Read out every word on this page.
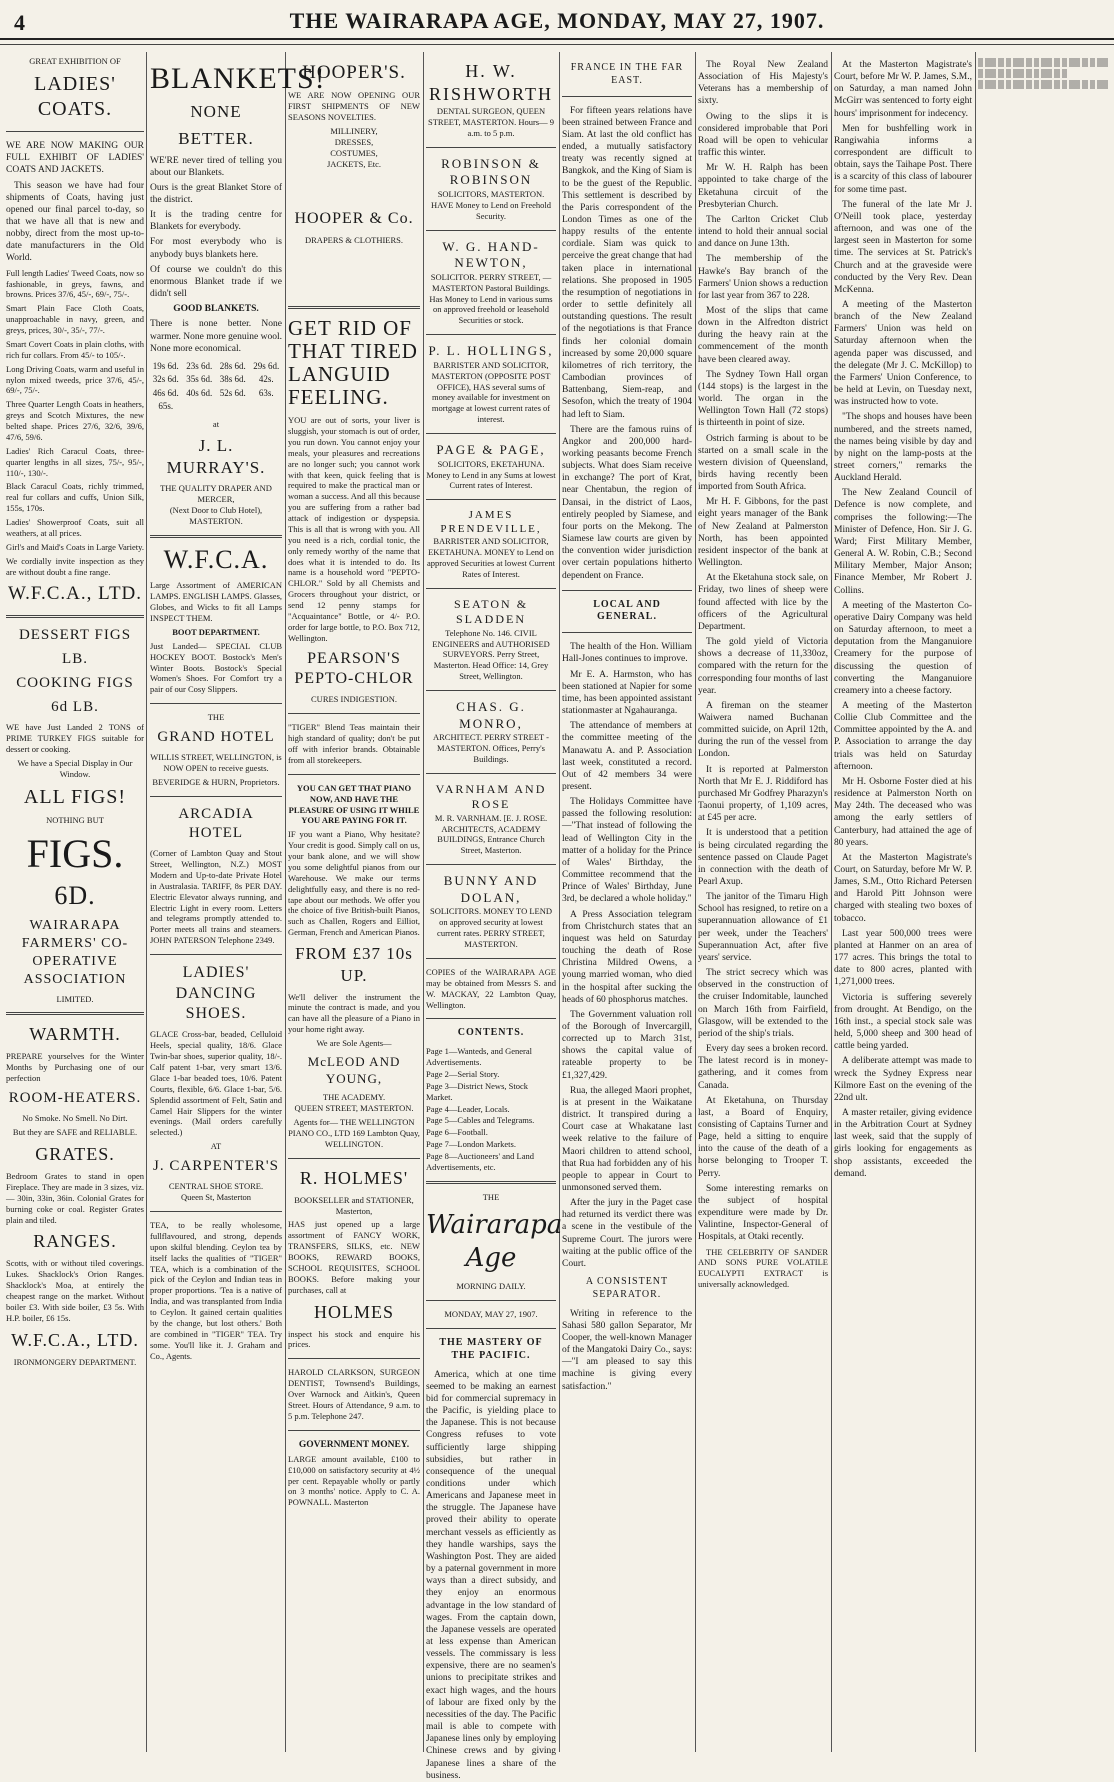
4	THE WAIRARAPA AGE, MONDAY, MAY 27, 1907.
GREAT EXHIBITION OF
LADIES' COATS.

WE ARE NOW MAKING OUR FULL EXHIBIT OF LADIES' COATS AND JACKETS.

This season we have had four shipments of Coats, having just opened our final parcel to-day, so that we have all that is new and nobby, direct from the most up-to-date manufacturers in the Old World.

Full length Ladies' Tweed Coats, now so fashionable, in greys, fawns, and browns. Prices 37/6, 45/-, 69/-, 75/-.

Smart Plain Face Cloth Coats, unapproachable in navy, green, and greys, prices, 30/-, 35/-, 77/-.

Smart Covert Coats in plain cloths, with rich fur collars. From 45/- to 105/-.

Long Driving Coats, warm and useful in nylon mixed tweeds, price 37/6, 45/-, 69/-, 75/-.

Three Quarter Length Coats in heathers, greys and Scotch Mixtures, the new belted shape. Prices 27/6, 32/6, 39/6, 47/6, 59/6.

Ladies' Rich Caracul Coats, three-quarter lengths in all sizes, 75/-, 95/-, 110/-, 130/-.

Black Caracul Coats, richly trimmed, real fur collars and cuffs, Union Silk, 155s, 170s.

Ladies' Showerproof Coats, suit all weathers, at all prices.

Girl's and Maid's Coats in Large Variety.

We cordially invite inspection as they are without doubt a fine range.

W.F.C.A., LTD.
DESSERT FIGS
LB.
COOKING FIGS
6d LB.

WE have Just Landed 2 TONS of PRIME TURKEY FIGS suitable for dessert or cooking.

We have a Special Display in Our Window.

ALL FIGS!
NOTHING BUT
FIGS.
6D.
WAIRARAPA FARMERS' CO-OPERATIVE ASSOCIATION
LIMITED.
WARMTH.

PREPARE yourselves for the Winter Months by Purchasing one of our perfection

ROOM-HEATERS.

No Smoke. No Smell. No Dirt.

But they are SAFE and RELIABLE.

GRATES.

Bedroom Grates to stand in open Fireplace. They are made in 3 sizes, viz.— 30in, 33in, 36in. Colonial Grates for burning coke or coal. Register Grates plain and tiled.

RANGES.

Scotts, with or without tiled coverings. Lukes. Shacklock's Orion Ranges. Shacklock's Moa, at entirely the cheapest range on the market. Without boiler £3. With side boiler, £3 5s. With H.P. boiler, £6 15s.

W.F.C.A., LTD.
IRONMONGERY DEPARTMENT.
BLANKETS!
NONE
BETTER.

WE'RE never tired of telling you about our Blankets.

Ours is the great Blanket Store of the district.

It is the trading centre for Blankets for everybody.

For most everybody who is anybody buys blankets here.

Of course we couldn't do this enormous Blanket trade if we didn't sell

GOOD BLANKETS.

There is none better. None warmer. None more genuine wool. None more economical.

19s 6d. 23s 6d. 28s 6d. 29s 6d.
32s 6d. 35s 6d. 38s 6d.	42s.
46s 6d. 40s 6d. 52s 6d.	63s.
65s.
at
J. L. MURRAY'S.
THE QUALITY DRAPER AND MERCER,
(Next Door to Club Hotel), MASTERTON.
W.F.C.A.

Large Assortment of AMERICAN LAMPS. ENGLISH LAMPS. Glasses, Globes, and Wicks to fit all Lamps INSPECT THEM.

BOOT DEPARTMENT.

Just Landed— SPECIAL CLUB HOCKEY BOOT. Bostock's Men's Winter Boots. Bostock's Special Women's Shoes. For Comfort try a pair of our Cosy Slippers.

THE
GRAND HOTEL

WILLIS STREET, WELLINGTON, is NOW OPEN to receive guests.

BEVERIDGE & HURN, Proprietors.

ARCADIA HOTEL

(Corner of Lambton Quay and Stout Street, Wellington, N.Z.) MOST Modern and Up-to-date Private Hotel in Australasia. TARIFF, 8s PER DAY. Electric Elevator always running, and Electric Light in every room. Letters and telegrams promptly attended to. Porter meets all trains and steamers. JOHN PATERSON Telephone 2349.

LADIES' DANCING SHOES.

GLACE Cross-bar, beaded, Celluloid Heels, special quality, 18/6. Glace Twin-bar shoes, superior quality, 18/-. Calf patent 1-bar, very smart 13/6. Glace 1-bar beaded toes, 10/6. Patent Courts, flexible, 6/6. Glace 1-bar, 5/6. Splendid assortment of Felt, Satin and Camel Hair Slippers for the winter evenings. (Mail orders carefully selected.)

AT
J. CARPENTER'S
CENTRAL SHOE STORE.
Queen St, Masterton

TEA, to be really wholesome, fullflavoured, and strong, depends upon skilful blending. Ceylon tea by itself lacks the qualities of "TIGER" TEA, which is a combination of the pick of the Ceylon and Indian teas in proper proportions. 'Tea is a native of India, and was transplanted from India to Ceylon. It gained certain qualities by the change, but lost others.' Both are combined in "TIGER" TEA. Try some. You'll like it. J. Graham and Co., Agents.

HOOPER'S.

WE ARE NOW OPENING OUR FIRST SHIPMENTS OF NEW SEASONS NOVELTIES.

MILLINERY,
DRESSES,
COSTUMES,
JACKETS, Etc.
HOOPER & Co.
DRAPERS & CLOTHIERS.
GET RID OF THAT TIRED LANGUID FEELING.

YOU are out of sorts, your liver is sluggish, your stomach is out of order, you run down. You cannot enjoy your meals, your pleasures and recreations are no longer such; you cannot work with that keen, quick feeling that is required to make the practical man or woman a success. And all this because you are suffering from a rather bad attack of indigestion or dyspepsia. This is all that is wrong with you. All you need is a rich, cordial tonic, the only remedy worthy of the name that does what it is intended to do. Its name is a household word "PEPTO-CHLOR." Sold by all Chemists and Grocers throughout your district, or send 12 penny stamps for "Acquaintance" Bottle, or 4/- P.O. order for large bottle, to P.O. Box 712, Wellington.

PEARSON'S PEPTO-CHLOR
CURES INDIGESTION.

"TIGER" Blend Teas maintain their high standard of quality; don't be put off with inferior brands. Obtainable from all storekeepers.

YOU CAN GET THAT PIANO NOW, AND HAVE THE PLEASURE OF USING IT WHILE YOU ARE PAYING FOR IT.

IF you want a Piano, Why hesitate? Your credit is good. Simply call on us, your bank alone, and we will show you some delightful pianos from our Warehouse. We make our terms delightfully easy, and there is no red-tape about our methods. We offer you the choice of five British-built Pianos, such as Challen, Rogers and Eilliot, German, French and American Pianos.

FROM £37 10s UP.

We'll deliver the instrument the minute the contract is made, and you can have all the pleasure of a Piano in your home right away.

We are Sole Agents—
McLEOD AND YOUNG,
THE ACADEMY.
QUEEN STREET, MASTERTON.

Agents for— THE WELLINGTON PIANO CO., LTD 169 Lambton Quay, WELLINGTON.

R. HOLMES'
BOOKSELLER and STATIONER, Masterton,

HAS just opened up a large assortment of FANCY WORK, TRANSFERS, SILKS, etc. NEW BOOKS, REWARD BOOKS, SCHOOL REQUISITES, SCHOOL BOOKS. Before making your purchases, call at

HOLMES

inspect his stock and enquire his prices.

HAROLD CLARKSON, SURGEON DENTIST, Townsend's Buildings, Over Warnock and Aitkin's, Queen Street. Hours of Attendance, 9 a.m. to 5 p.m. Telephone 247.

GOVERNMENT MONEY.

LARGE amount available, £100 to £10,000 on satisfactory security at 4½ per cent. Repayable wholly or partly on 3 months' notice. Apply to C. A. POWNALL. Masterton

H. W. RISHWORTH
DENTAL SURGEON, QUEEN STREET, MASTERTON. Hours— 9 a.m. to 5 p.m.
ROBINSON & ROBINSON
SOLICITORS, MASTERTON. HAVE Money to Lend on Freehold Security.
W. G. HAND-NEWTON,
SOLICITOR. PERRY STREET, — MASTERTON Pastoral Buildings. Has Money to Lend in various sums on approved freehold or leasehold Securities or stock.
P. L. HOLLINGS,
BARRISTER AND SOLICITOR, MASTERTON (OPPOSITE POST OFFICE), HAS several sums of money available for investment on mortgage at lowest current rates of interest.
PAGE & PAGE,
SOLICITORS, EKETAHUNA. Money to Lend in any Sums at lowest Current rates of Interest.
JAMES PRENDEVILLE,
BARRISTER AND SOLICITOR, EKETAHUNA. MONEY to Lend on approved Securities at lowest Current Rates of Interest.
SEATON & SLADDEN
Telephone No. 146. CIVIL ENGINEERS and AUTHORISED SURVEYORS. Perry Street, Masterton. Head Office: 14, Grey Street, Wellington.
CHAS. G. MONRO,
ARCHITECT. PERRY STREET - MASTERTON. Offices, Perry's Buildings.
VARNHAM AND ROSE
M. R. VARNHAM. [E. J. ROSE. ARCHITECTS, ACADEMY BUILDINGS, Entrance Church Street, Masterton.
BUNNY AND DOLAN,
SOLICITORS. MONEY TO LEND on approved security at lowest current rates. PERRY STREET, MASTERTON.

COPIES of the WAIRARAPA AGE may be obtained from Messrs S. and W. MACKAY, 22 Lambton Quay, Wellington.

CONTENTS.
Page 1—Wanteds, and General Advertisements.
Page 2—Serial Story.
Page 3—District News, Stock Market.
Page 4—Leader, Locals.
Page 5—Cables and Telegrams.
Page 6—Football.
Page 7—London Markets.
Page 8—Auctioneers' and Land Advertisements, etc.
THE
Wairarapa Age
MORNING DAILY.
MONDAY, MAY 27, 1907.
THE MASTERY OF THE PACIFIC.

America, which at one time seemed to be making an earnest bid for commercial supremacy in the Pacific, is yielding place to the Japanese. This is not because Congress refuses to vote sufficiently large shipping subsidies, but rather in consequence of the unequal conditions under which Americans and Japanese meet in the struggle. The Japanese have proved their ability to operate merchant vessels as efficiently as they handle warships, says the Washington Post. They are aided by a paternal government in more ways than a direct subsidy, and they enjoy an enormous advantage in the low standard of wages. From the captain down, the Japanese vessels are operated at less expense than American vessels. The commissary is less expensive, there are no seamen's unions to precipitate strikes and exact high wages, and the hours of labour are fixed only by the necessities of the day. The Pacific mail is able to compete with Japanese lines only by employing Chinese crews and by giving Japanese lines a share of the business.

FRANCE IN THE FAR EAST.

For fifteen years relations have been strained between France and Siam. At last the old conflict has ended, a mutually satisfactory treaty was recently signed at Bangkok, and the King of Siam is to be the guest of the Republic. This settlement is described by the Paris correspondent of the London Times as one of the happy results of the entente cordiale. Siam was quick to perceive the great change that had taken place in international relations. She proposed in 1905 the resumption of negotiations in order to settle definitely all outstanding questions. The result of the negotiations is that France finds her colonial domain increased by some 20,000 square kilometres of rich territory, the Cambodian provinces of Battenbang, Siem-reap, and Sesofon, which the treaty of 1904 had left to Siam.

There are the famous ruins of Angkor and 200,000 hard-working peasants become French subjects. What does Siam receive in exchange? The port of Krat, near Chentabun, the region of Dansai, in the district of Laos, entirely peopled by Siamese, and four ports on the Mekong. The Siamese law courts are given by the convention wider jurisdiction over certain populations hitherto dependent on France.

LOCAL AND GENERAL.

The health of the Hon. William Hall-Jones continues to improve.

Mr E. A. Harmston, who has been stationed at Napier for some time, has been appointed assistant stationmaster at Ngahauranga.

The attendance of members at the committee meeting of the Manawatu A. and P. Association last week, constituted a record. Out of 42 members 34 were present.

The Holidays Committee have passed the following resolution:—"That instead of following the lead of Wellington City in the matter of a holiday for the Prince of Wales' Birthday, the Committee recommend that the Prince of Wales' Birthday, June 3rd, be declared a whole holiday."

A Press Association telegram from Christchurch states that an inquest was held on Saturday touching the death of Rose Christina Mildred Owens, a young married woman, who died in the hospital after sucking the heads of 60 phosphorus matches.

The Government valuation roll of the Borough of Invercargill, corrected up to March 31st, shows the capital value of rateable property to be £1,327,429.

Rua, the alleged Maori prophet, is at present in the Waikatane district. It transpired during a Court case at Whakatane last week relative to the failure of Maori children to attend school, that Rua had forbidden any of his people to appear in Court to unmonsoned served them.

After the jury in the Paget case had returned its verdict there was a scene in the vestibule of the Supreme Court. The jurors were waiting at the public office of the Court.

A CONSISTENT SEPARATOR.

Writing in reference to the Sahasi 580 gallon Separator, Mr Cooper, the well-known Manager of the Mangatoki Dairy Co., says:—"I am pleased to say this machine is giving every satisfaction."

The Royal New Zealand Association of His Majesty's Veterans has a membership of sixty.

Owing to the slips it is considered improbable that Pori Road will be open to vehicular traffic this winter.

Mr W. H. Ralph has been appointed to take charge of the Eketahuna circuit of the Presbyterian Church.

The Carlton Cricket Club intend to hold their annual social and dance on June 13th.

The membership of the Hawke's Bay branch of the Farmers' Union shows a reduction for last year from 367 to 228.

Most of the slips that came down in the Alfredton district during the heavy rain at the commencement of the month have been cleared away.

The Sydney Town Hall organ (144 stops) is the largest in the world. The organ in the Wellington Town Hall (72 stops) is thirteenth in point of size.

Ostrich farming is about to be started on a small scale in the western division of Queensland, birds having recently been imported from South Africa.

Mr H. F. Gibbons, for the past eight years manager of the Bank of New Zealand at Palmerston North, has been appointed resident inspector of the bank at Wellington.

At the Eketahuna stock sale, on Friday, two lines of sheep were found affected with lice by the officers of the Agricultural Department.

The gold yield of Victoria shows a decrease of 11,330oz, compared with the return for the corresponding four months of last year.

A fireman on the steamer Waiwera named Buchanan committed suicide, on April 12th, during the run of the vessel from London.

It is reported at Palmerston North that Mr E. J. Riddiford has purchased Mr Godfrey Pharazyn's Taonui property, of 1,109 acres, at £45 per acre.

It is understood that a petition is being circulated regarding the sentence passed on Claude Paget in connection with the death of Pearl Axup.

The janitor of the Timaru High School has resigned, to retire on a superannuation allowance of £1 per week, under the Teachers' Superannuation Act, after five years' service.

The strict secrecy which was observed in the construction of the cruiser Indomitable, launched on March 16th from Fairfield, Glasgow, will be extended to the period of the ship's trials.

Every day sees a broken record. The latest record is in money-gathering, and it comes from Canada.

At Eketahuna, on Thursday last, a Board of Enquiry, consisting of Captains Turner and Page, held a sitting to enquire into the cause of the death of a horse belonging to Trooper T. Perry.

Some interesting remarks on the subject of hospital expenditure were made by Dr. Valintine, Inspector-General of Hospitals, at Otaki recently.

THE CELEBRITY OF SANDER AND SONS PURE VOLATILE EUCALYPTI EXTRACT is universally acknowledged.

At the Masterton Magistrate's Court, before Mr W. P. James, S.M., on Saturday, a man named John McGirr was sentenced to forty eight hours' imprisonment for indecency.

Men for bushfelling work in Rangiwahia informs a correspondent are difficult to obtain, says the Taihape Post. There is a scarcity of this class of labourer for some time past.

The funeral of the late Mr J. O'Neill took place, yesterday afternoon, and was one of the largest seen in Masterton for some time. The services at St. Patrick's Church and at the graveside were conducted by the Very Rev. Dean McKenna.

A meeting of the Masterton branch of the New Zealand Farmers' Union was held on Saturday afternoon when the agenda paper was discussed, and the delegate (Mr J. C. McKillop) to the Farmers' Union Conference, to be held at Levin, on Tuesday next, was instructed how to vote.

"The shops and houses have been numbered, and the streets named, the names being visible by day and by night on the lamp-posts at the street corners," remarks the Auckland Herald.

The New Zealand Council of Defence is now complete, and comprises the following:—The Minister of Defence, Hon. Sir J. G. Ward; First Military Member, General A. W. Robin, C.B.; Second Military Member, Major Anson; Finance Member, Mr Robert J. Collins.

A meeting of the Masterton Co-operative Dairy Company was held on Saturday afternoon, to meet a deputation from the Manganuiore Creamery for the purpose of discussing the question of converting the Manganuiore creamery into a cheese factory.

A meeting of the Masterton Collie Club Committee and the Committee appointed by the A. and P. Association to arrange the day trials was held on Saturday afternoon.

Mr H. Osborne Foster died at his residence at Palmerston North on May 24th. The deceased who was among the early settlers of Canterbury, had attained the age of 80 years.

At the Masterton Magistrate's Court, on Saturday, before Mr W. P. James, S.M., Otto Richard Petersen and Harold Pitt Johnson were charged with stealing two boxes of tobacco.

Last year 500,000 trees were planted at Hanmer on an area of 177 acres. This brings the total to date to 800 acres, planted with 1,271,000 trees.

Victoria is suffering severely from drought. At Bendigo, on the 16th inst., a special stock sale was held, 5,000 sheep and 300 head of cattle being yarded.

A deliberate attempt was made to wreck the Sydney Express near Kilmore East on the evening of the 22nd ult.

A master retailer, giving evidence in the Arbitration Court at Sydney last week, said that the supply of girls looking for engagements as shop assistants, exceeded the demand.
